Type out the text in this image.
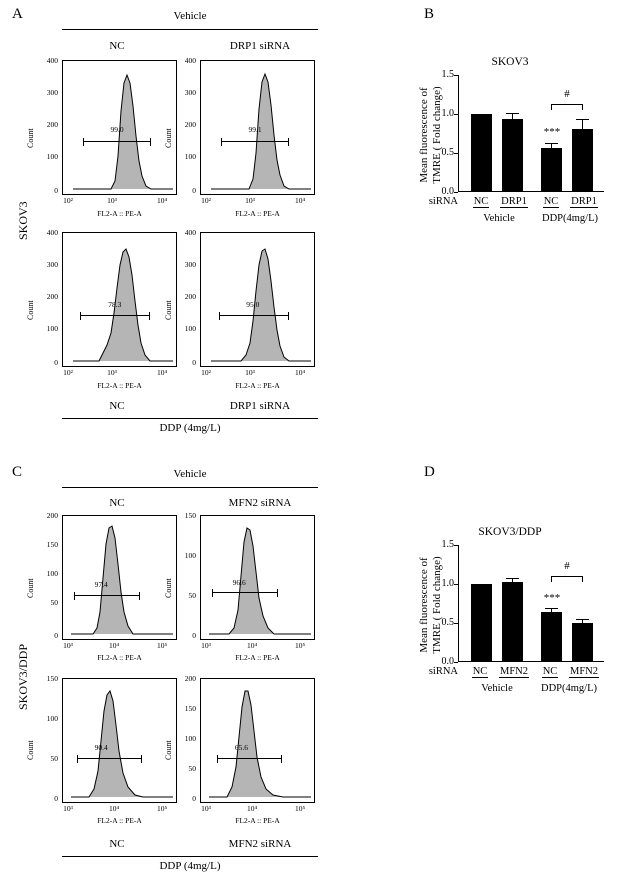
A	Vehicle
NC	DRP1 siRNA
SKOV3
99.0
Count
400
300
200
100
0
10²	10³	10⁴
FL2-A :: PE-A
99.1
Count
400
300
200
100
0
10²	10³	10⁴
FL2-A :: PE-A
78.3
Count
400
300
200
100
0
10²	10³	10⁴
FL2-A :: PE-A
95.0
Count
400
300
200
100
0
10²	10³	10⁴
FL2-A :: PE-A
NC	DRP1 siRNA
DDP (4mg/L)
B
SKOV3
Mean fluorescence of
TMRE ( Fold change)
0.0
0.5
1.0
1.5
***
#
siRNA	NC	DRP1	NC	DRP1
Vehicle	DDP(4mg/L)
C	Vehicle
NC	MFN2 siRNA
SKOV3/DDP
97.4
Count
200
150
100
50
0
10³	10⁴	10⁵
FL2-A :: PE-A
96.6
Count
150
100
50
0
10³	10⁴	10⁵
FL2-A :: PE-A
90.4
Count
150
100
50
0
10³	10⁴	10⁵
FL2-A :: PE-A
65.6
Count
200
150
100
50
0
10³	10⁴	10⁵
FL2-A :: PE-A
NC	MFN2 siRNA
DDP (4mg/L)
D
SKOV3/DDP
Mean fluorescence of
TMRE ( Fold change)
0.0
0.5
1.0
1.5
***
#
siRNA	NC	MFN2	NC	MFN2
Vehicle	DDP(4mg/L)
